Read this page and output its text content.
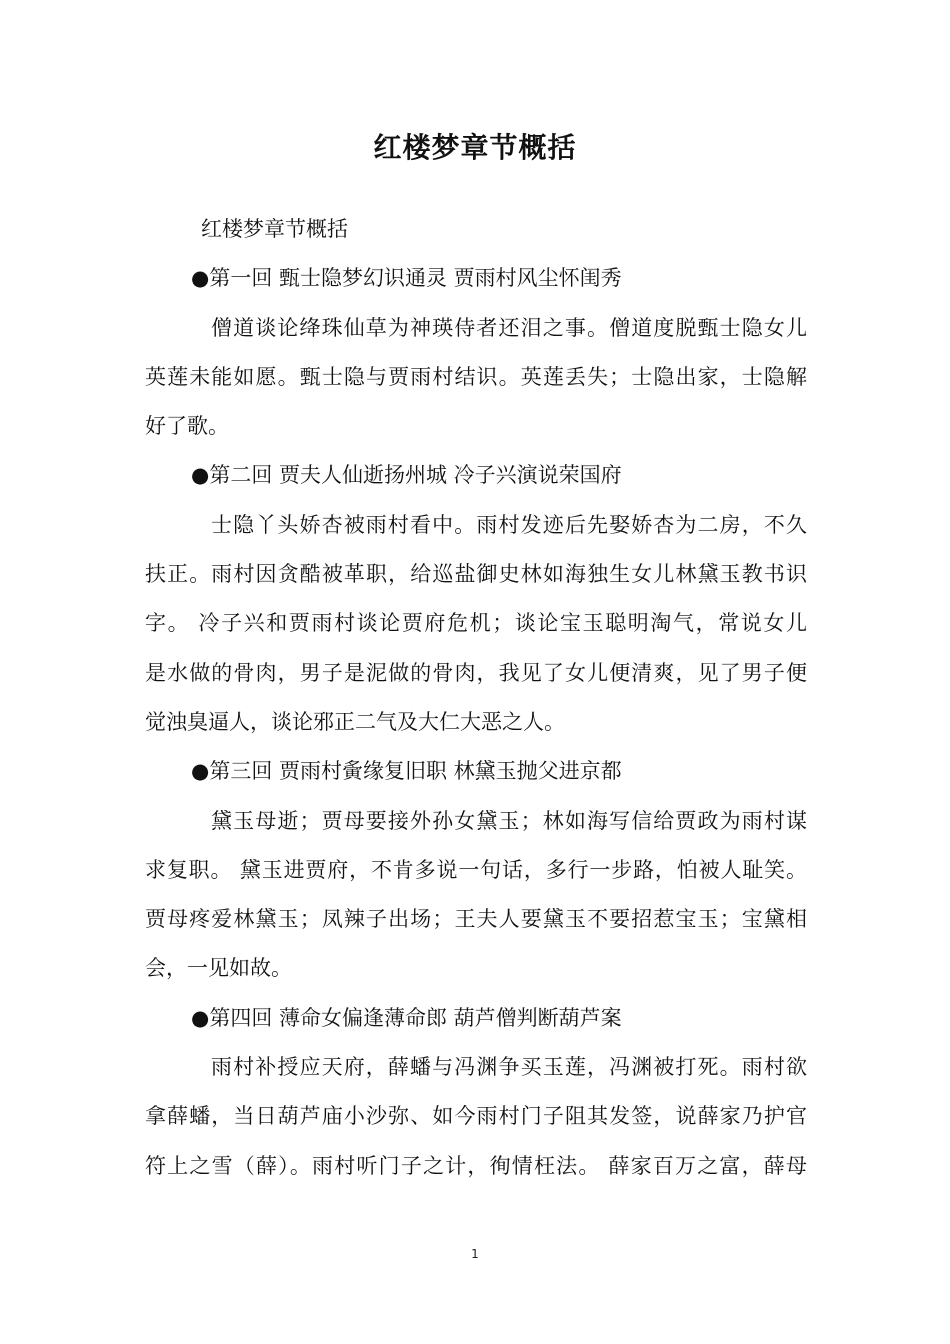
红楼梦章节概括
红楼梦章节概括
●第一回 甄士隐梦幻识通灵 贾雨村风尘怀闺秀
僧道谈论绛珠仙草为神瑛侍者还泪之事。僧道度脱甄士隐女儿
英莲未能如愿。甄士隐与贾雨村结识。英莲丢失；士隐出家，士隐解
好了歌。
●第二回 贾夫人仙逝扬州城 冷子兴演说荣国府
士隐丫头娇杏被雨村看中。雨村发迹后先娶娇杏为二房，不久
扶正。雨村因贪酷被革职，给巡盐御史林如海独生女儿林黛玉教书识
字。 冷子兴和贾雨村谈论贾府危机；谈论宝玉聪明淘气，常说女儿
是水做的骨肉，男子是泥做的骨肉，我见了女儿便清爽，见了男子便
觉浊臭逼人，谈论邪正二气及大仁大恶之人。
●第三回 贾雨村夤缘复旧职 林黛玉抛父进京都
黛玉母逝；贾母要接外孙女黛玉；林如海写信给贾政为雨村谋
求复职。 黛玉进贾府，不肯多说一句话，多行一步路，怕被人耻笑。
贾母疼爱林黛玉；凤辣子出场；王夫人要黛玉不要招惹宝玉；宝黛相
会，一见如故。
●第四回 薄命女偏逢薄命郎 葫芦僧判断葫芦案
雨村补授应天府，薛蟠与冯渊争买玉莲，冯渊被打死。雨村欲
拿薛蟠，当日葫芦庙小沙弥、如今雨村门子阻其发签，说薛家乃护官
符上之雪（薛）。雨村听门子之计，徇情枉法。 薛家百万之富，薛母
1
